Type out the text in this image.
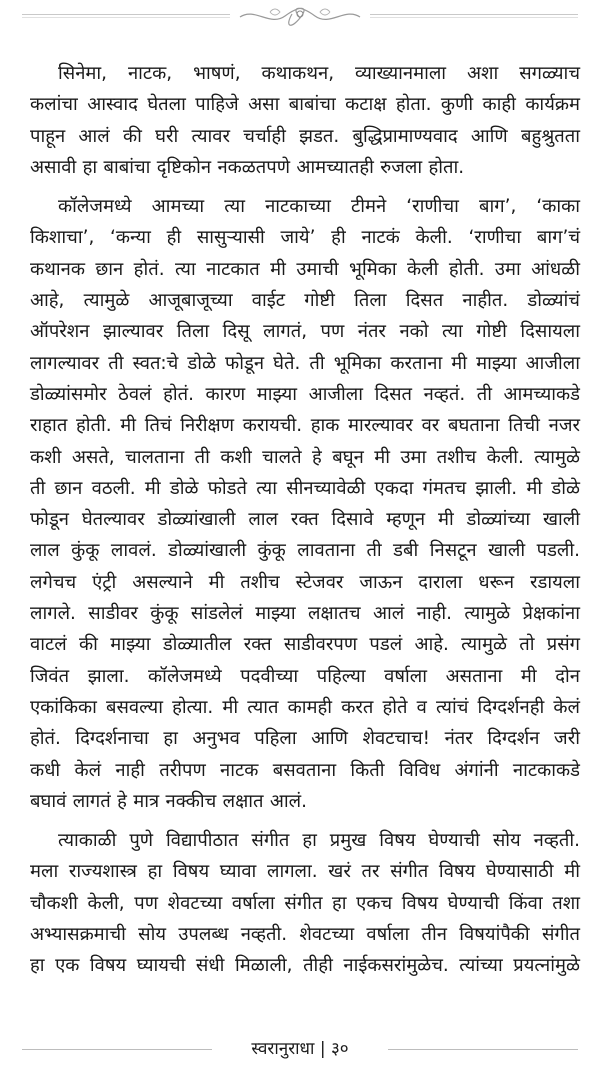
सिनेमा, नाटक, भाषणं, कथाकथन, व्याख्यानमाला अशा सगळ्याच
कलांचा आस्वाद घेतला पाहिजे असा बाबांचा कटाक्ष होता. कुणी काही कार्यक्रम
पाहून आलं की घरी त्यावर चर्चाही झडत. बुद्धिप्रामाण्यवाद आणि बहुश्रुतता
असावी हा बाबांचा दृष्टिकोन नकळतपणे आमच्यातही रुजला होता.

कॉलेजमध्ये आमच्या त्या नाटकाच्या टीमने ‘राणीचा बाग’, ‘काका
किशाचा’, ‘कन्या ही सासुऱ्यासी जाये’ ही नाटकं केली. ‘राणीचा बाग’चं
कथानक छान होतं. त्या नाटकात मी उमाची भूमिका केली होती. उमा आंधळी
आहे, त्यामुळे आजूबाजूच्या वाईट गोष्टी तिला दिसत नाहीत. डोळ्यांचं
ऑपरेशन झाल्यावर तिला दिसू लागतं, पण नंतर नको त्या गोष्टी दिसायला
लागल्यावर ती स्वत:चे डोळे फोडून घेते. ती भूमिका करताना मी माझ्या आजीला
डोळ्यांसमोर ठेवलं होतं. कारण माझ्या आजीला दिसत नव्हतं. ती आमच्याकडे
राहात होती. मी तिचं निरीक्षण करायची. हाक मारल्यावर वर बघताना तिची नजर
कशी असते, चालताना ती कशी चालते हे बघून मी उमा तशीच केली. त्यामुळे
ती छान वठली. मी डोळे फोडते त्या सीनच्यावेळी एकदा गंमतच झाली. मी डोळे
फोडून घेतल्यावर डोळ्यांखाली लाल रक्त दिसावे म्हणून मी डोळ्यांच्या खाली
लाल कुंकू लावलं. डोळ्यांखाली कुंकू लावताना ती डबी निसटून खाली पडली.
लगेचच एंट्री असल्याने मी तशीच स्टेजवर जाऊन दाराला धरून रडायला
लागले. साडीवर कुंकू सांडलेलं माझ्या लक्षातच आलं नाही. त्यामुळे प्रेक्षकांना
वाटलं की माझ्या डोळ्यातील रक्त साडीवरपण पडलं आहे. त्यामुळे तो प्रसंग
जिवंत झाला. कॉलेजमध्ये पदवीच्या पहिल्या वर्षाला असताना मी दोन
एकांकिका बसवल्या होत्या. मी त्यात कामही करत होते व त्यांचं दिग्दर्शनही केलं
होतं. दिग्दर्शनाचा हा अनुभव पहिला आणि शेवटचाच! नंतर दिग्दर्शन जरी
कधी केलं नाही तरीपण नाटक बसवताना किती विविध अंगांनी नाटकाकडे
बघावं लागतं हे मात्र नक्कीच लक्षात आलं.

त्याकाळी पुणे विद्यापीठात संगीत हा प्रमुख विषय घेण्याची सोय नव्हती.
मला राज्यशास्त्र हा विषय घ्यावा लागला. खरं तर संगीत विषय घेण्यासाठी मी
चौकशी केली, पण शेवटच्या वर्षाला संगीत हा एकच विषय घेण्याची किंवा तशा
अभ्यासक्रमाची सोय उपलब्ध नव्हती. शेवटच्या वर्षाला तीन विषयांपैकी संगीत
हा एक विषय घ्यायची संधी मिळाली, तीही नाईकसरांमुळेच. त्यांच्या प्रयत्नांमुळे

स्वरानुराधा | ३०
